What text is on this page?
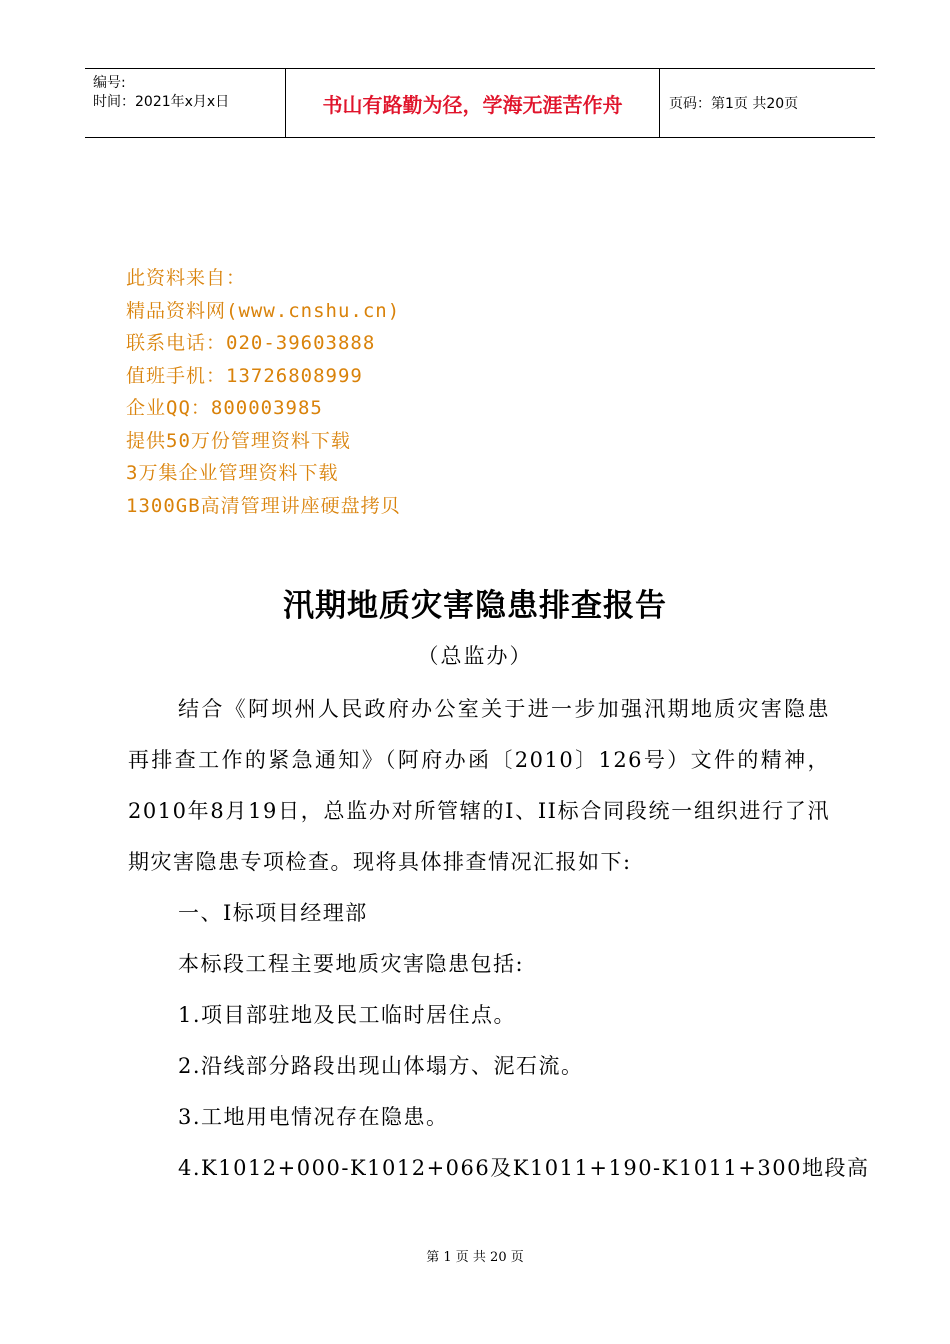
编号:
时间：2021年x月x日	书山有路勤为径，学海无涯苦作舟	页码：第1页 共20页
此资料来自：
精品资料网(www.cnshu.cn)
联系电话：020-39603888
值班手机：13726808999
企业QQ：800003985
提供50万份管理资料下载
3万集企业管理资料下载
1300GB高清管理讲座硬盘拷贝
汛期地质灾害隐患排查报告
（总监办）
结合《阿坝州人民政府办公室关于进一步加强汛期地质灾害隐患再排查工作的紧急通知》（阿府办函〔2010〕126号）文件的精神，2010年8月19日，总监办对所管辖的I、II标合同段统一组织进行了汛期灾害隐患专项检查。现将具体排查情况汇报如下:
一、I标项目经理部
本标段工程主要地质灾害隐患包括:
1.项目部驻地及民工临时居住点。
2.沿线部分路段出现山体塌方、泥石流。
3.工地用电情况存在隐患。
4.K1012+000-K1012+066及K1011+190-K1011+300地段高
第 1 页 共 20 页
